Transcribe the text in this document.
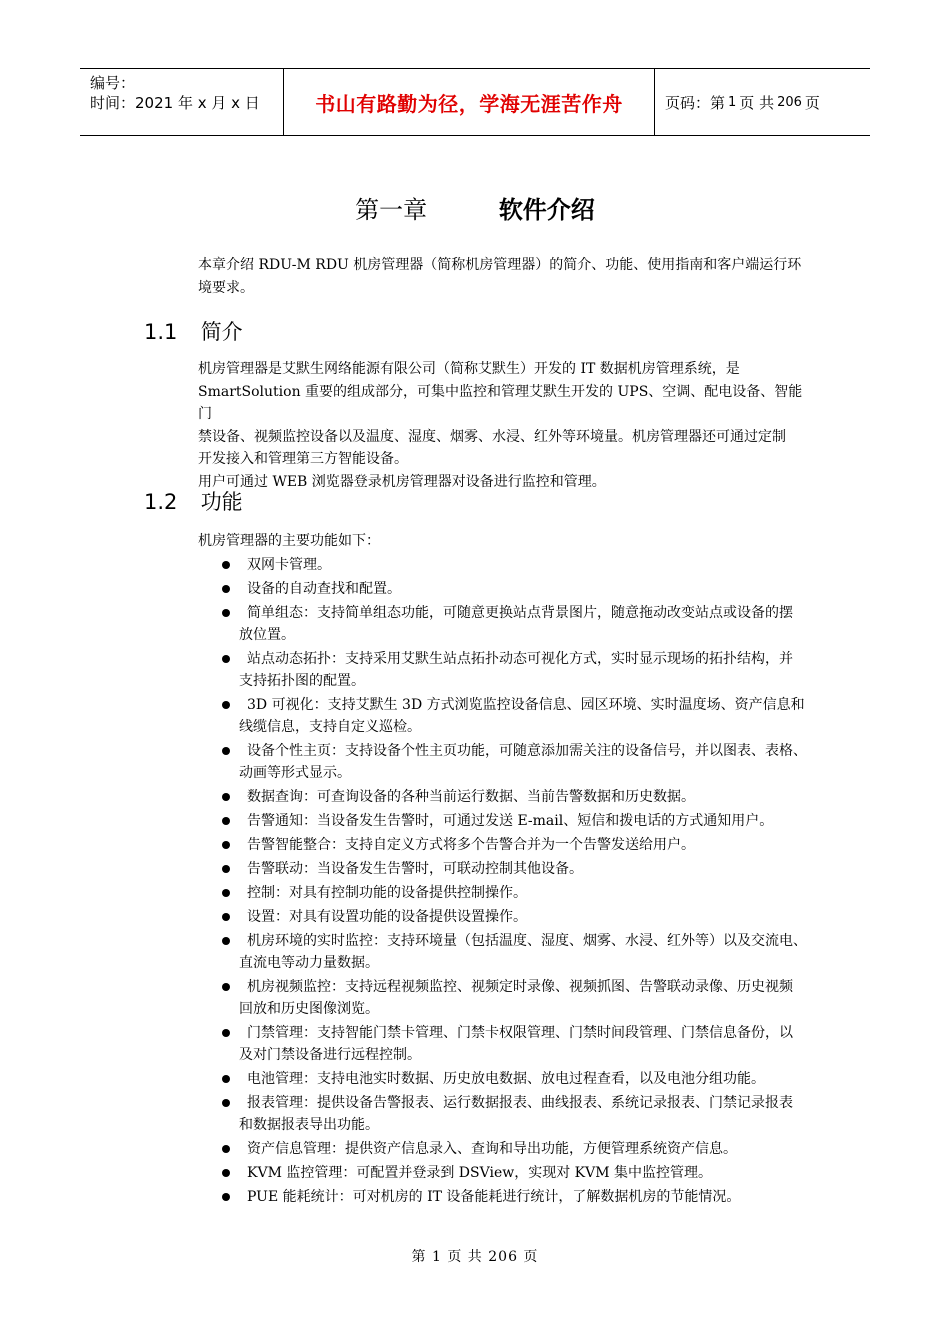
编号：
时间：2021 年 x 月 x 日	书山有路勤为径，学海无涯苦作舟	页码：第 1 页 共 206 页
第一章	软件介绍
本章介绍 RDU-M RDU 机房管理器（简称机房管理器）的简介、功能、使用指南和客户端运行环
境要求。
1.1 简介
机房管理器是艾默生网络能源有限公司（简称艾默生）开发的 IT 数据机房管理系统，是
SmartSolution 重要的组成部分，可集中监控和管理艾默生开发的 UPS、空调、配电设备、智能门
禁设备、视频监控设备以及温度、湿度、烟雾、水浸、红外等环境量。机房管理器还可通过定制
开发接入和管理第三方智能设备。
用户可通过 WEB 浏览器登录机房管理器对设备进行监控和管理。
1.2 功能
机房管理器的主要功能如下：
双网卡管理。
设备的自动查找和配置。
简单组态：支持简单组态功能，可随意更换站点背景图片，随意拖动改变站点或设备的摆
放位置。
站点动态拓扑：支持采用艾默生站点拓扑动态可视化方式，实时显示现场的拓扑结构，并
支持拓扑图的配置。
3D 可视化：支持艾默生 3D 方式浏览监控设备信息、园区环境、实时温度场、资产信息和
线缆信息，支持自定义巡检。
设备个性主页：支持设备个性主页功能，可随意添加需关注的设备信号，并以图表、表格、
动画等形式显示。
数据查询：可查询设备的各种当前运行数据、当前告警数据和历史数据。
告警通知：当设备发生告警时，可通过发送 E-mail、短信和拨电话的方式通知用户。
告警智能整合：支持自定义方式将多个告警合并为一个告警发送给用户。
告警联动：当设备发生告警时，可联动控制其他设备。
控制：对具有控制功能的设备提供控制操作。
设置：对具有设置功能的设备提供设置操作。
机房环境的实时监控：支持环境量（包括温度、湿度、烟雾、水浸、红外等）以及交流电、
直流电等动力量数据。
机房视频监控：支持远程视频监控、视频定时录像、视频抓图、告警联动录像、历史视频
回放和历史图像浏览。
门禁管理：支持智能门禁卡管理、门禁卡权限管理、门禁时间段管理、门禁信息备份，以
及对门禁设备进行远程控制。
电池管理：支持电池实时数据、历史放电数据、放电过程查看，以及电池分组功能。
报表管理：提供设备告警报表、运行数据报表、曲线报表、系统记录报表、门禁记录报表
和数据报表导出功能。
资产信息管理：提供资产信息录入、查询和导出功能，方便管理系统资产信息。
KVM 监控管理：可配置并登录到 DSView，实现对 KVM 集中监控管理。
PUE 能耗统计：可对机房的 IT 设备能耗进行统计，了解数据机房的节能情况。
第 1 页 共 206 页
